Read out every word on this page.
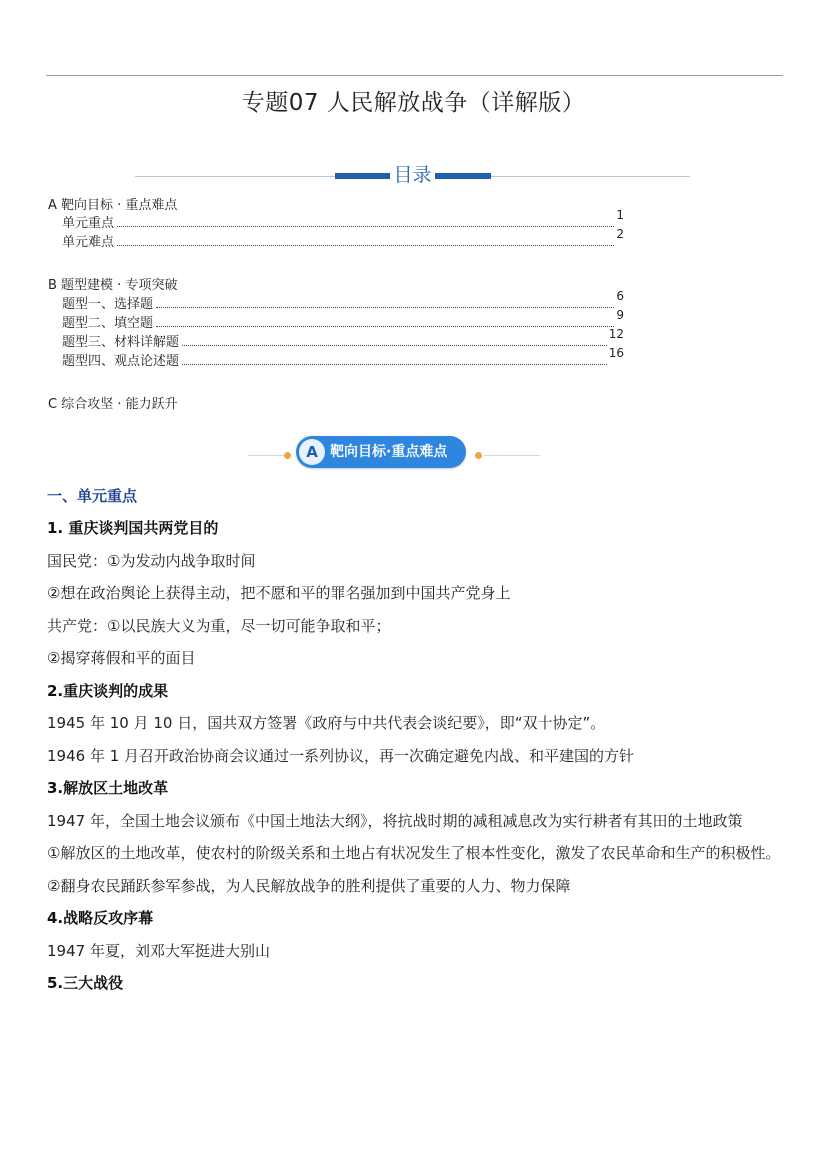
专题07 人民解放战争（详解版）
目录
A 靶向目标 · 重点难点
单元重点
1
单元难点
2
B 题型建模 · 专项突破
题型一、选择题
6
题型二、填空题
9
题型三、材料详解题
12
题型四、观点论述题
16
C 综合攻坚 · 能力跃升
A 靶向目标·重点难点
一、单元重点
1. 重庆谈判国共两党目的
国民党：①为发动内战争取时间
②想在政治舆论上获得主动，把不愿和平的罪名强加到中国共产党身上
共产党：①以民族大义为重，尽一切可能争取和平；
②揭穿蒋假和平的面目
2.重庆谈判的成果
1945 年 10 月 10 日，国共双方签署《政府与中共代表会谈纪要》，即“双十协定”。
1946 年 1 月召开政治协商会议通过一系列协议，再一次确定避免内战、和平建国的方针
3.解放区土地改革
1947 年，全国土地会议颁布《中国土地法大纲》，将抗战时期的减租减息改为实行耕者有其田的土地政策
①解放区的土地改革，使农村的阶级关系和土地占有状况发生了根本性变化，激发了农民革命和生产的积极性。
②翻身农民踊跃参军参战，为人民解放战争的胜利提供了重要的人力、物力保障
4.战略反攻序幕
1947 年夏，刘邓大军挺进大别山
5.三大战役
